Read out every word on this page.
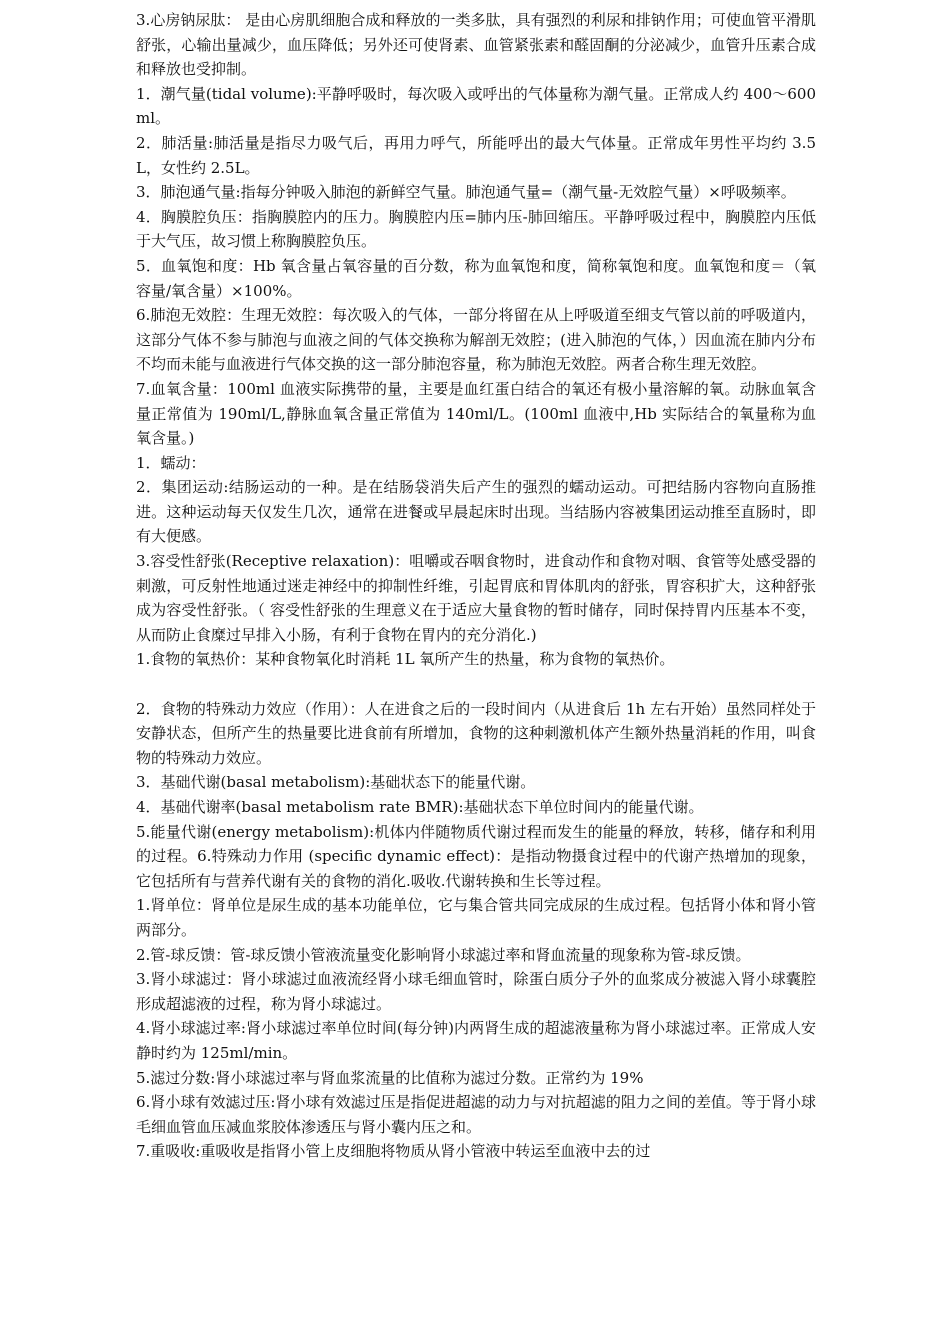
3.心房钠尿肽： 是由心房肌细胞合成和释放的一类多肽，具有强烈的利尿和排钠作用；可使血管平滑肌舒张，心输出量减少，血压降低；另外还可使肾素、血管紧张素和醛固酮的分泌减少，血管升压素合成和释放也受抑制。

1．潮气量(tidal volume):平静呼吸时，每次吸入或呼出的气体量称为潮气量。正常成人约 400～600ml。

2．肺活量:肺活量是指尽力吸气后，再用力呼气，所能呼出的最大气体量。正常成年男性平均约 3.5L，女性约 2.5L。

3．肺泡通气量:指每分钟吸入肺泡的新鲜空气量。肺泡通气量=（潮气量-无效腔气量）×呼吸频率。

4．胸膜腔负压：指胸膜腔内的压力。胸膜腔内压=肺内压-肺回缩压。平静呼吸过程中，胸膜腔内压低于大气压，故习惯上称胸膜腔负压。

5．血氧饱和度：Hb 氧含量占氧容量的百分数，称为血氧饱和度，简称氧饱和度。血氧饱和度＝（氧容量/氧含量）×100%。

6.肺泡无效腔：生理无效腔：每次吸入的气体，一部分将留在从上呼吸道至细支气管以前的呼吸道内，这部分气体不参与肺泡与血液之间的气体交换称为解剖无效腔；(进入肺泡的气体，）因血流在肺内分布不均而未能与血液进行气体交换的这一部分肺泡容量，称为肺泡无效腔。两者合称生理无效腔。

7.血氧含量：100ml 血液实际携带的量，主要是血红蛋白结合的氧还有极小量溶解的氧。动脉血氧含量正常值为 190ml/L,静脉血氧含量正常值为 140ml/L。(100ml 血液中,Hb 实际结合的氧量称为血氧含量。)

1．蠕动：

2．集团运动:结肠运动的一种。是在结肠袋消失后产生的强烈的蠕动运动。可把结肠内容物向直肠推进。这种运动每天仅发生几次，通常在进餐或早晨起床时出现。当结肠内容被集团运动推至直肠时，即有大便感。

3.容受性舒张(Receptive relaxation)：咀嚼或吞咽食物时，进食动作和食物对咽、食管等处感受器的刺激，可反射性地通过迷走神经中的抑制性纤维，引起胃底和胃体肌肉的舒张，胃容积扩大，这种舒张成为容受性舒张。（ 容受性舒张的生理意义在于适应大量食物的暂时储存，同时保持胃内压基本不变，从而防止食糜过早排入小肠，有利于食物在胃内的充分消化.)

1.食物的氧热价：某种食物氧化时消耗 1L 氧所产生的热量，称为食物的氧热价。

2．食物的特殊动力效应（作用）：人在进食之后的一段时间内（从进食后 1h 左右开始）虽然同样处于安静状态，但所产生的热量要比进食前有所增加，食物的这种刺激机体产生额外热量消耗的作用，叫食物的特殊动力效应。

3．基础代谢(basal metabolism):基础状态下的能量代谢。

4．基础代谢率(basal metabolism rate BMR):基础状态下单位时间内的能量代谢。

5.能量代谢(energy metabolism):机体内伴随物质代谢过程而发生的能量的释放，转移，储存和利用的过程。6.特殊动力作用 (specific dynamic effect)：是指动物摄食过程中的代谢产热增加的现象，它包括所有与营养代谢有关的食物的消化.吸收.代谢转换和生长等过程。

1.肾单位：肾单位是尿生成的基本功能单位，它与集合管共同完成尿的生成过程。包括肾小体和肾小管两部分。

2.管-球反馈：管-球反馈小管液流量变化影响肾小球滤过率和肾血流量的现象称为管-球反馈。

3.肾小球滤过：肾小球滤过血液流经肾小球毛细血管时，除蛋白质分子外的血浆成分被滤入肾小球囊腔形成超滤液的过程，称为肾小球滤过。

4.肾小球滤过率:肾小球滤过率单位时间(每分钟)内两肾生成的超滤液量称为肾小球滤过率。正常成人安静时约为 125ml/min。

5.滤过分数:肾小球滤过率与肾血浆流量的比值称为滤过分数。正常约为 19%

6.肾小球有效滤过压:肾小球有效滤过压是指促进超滤的动力与对抗超滤的阻力之间的差值。等于肾小球毛细血管血压减血浆胶体渗透压与肾小囊内压之和。

7.重吸收:重吸收是指肾小管上皮细胞将物质从肾小管液中转运至血液中去的过
